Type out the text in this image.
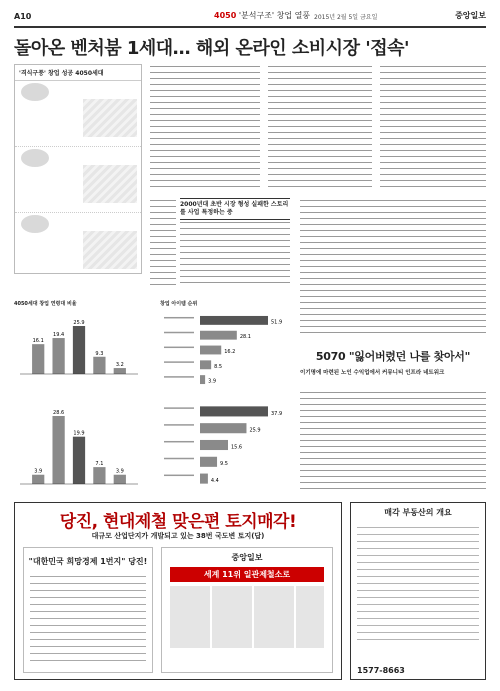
A10	4050 '분석구조' 창업 열풍 2015년 2월 5일 금요일	중앙일보
돌아온 벤처붐 1세대… 해외 온라인 소비시장 '접속'
'격식구풍' 창업 성공 4050세대
2000년대 초반 시장 형성 실패한 스토리를 사업 특정하는 중
4050세대 창업 연령대 비율	창업 아이템 순위
16.1
19.4
25.9
9.3
3.2
3.9
28.6
19.9
7.1
3.9
51.9
28.1
16.2
8.5
3.9
37.9
25.9
15.6
9.5
4.4
5070 "잃어버렸던 나를 찾아서"
이기명에 마련된 노인 수익업에서 커뮤니티 인프라 네트워크
당진, 현대제철 맞은편 토지매각!
대규모 산업단지가 개발되고 있는 38번 국도변 토지(답)
"대한민국 희망경제 1번지" 당진!	중앙일보
세계 11위 일관제철소로
매각 부동산의 개요
1577-8663
